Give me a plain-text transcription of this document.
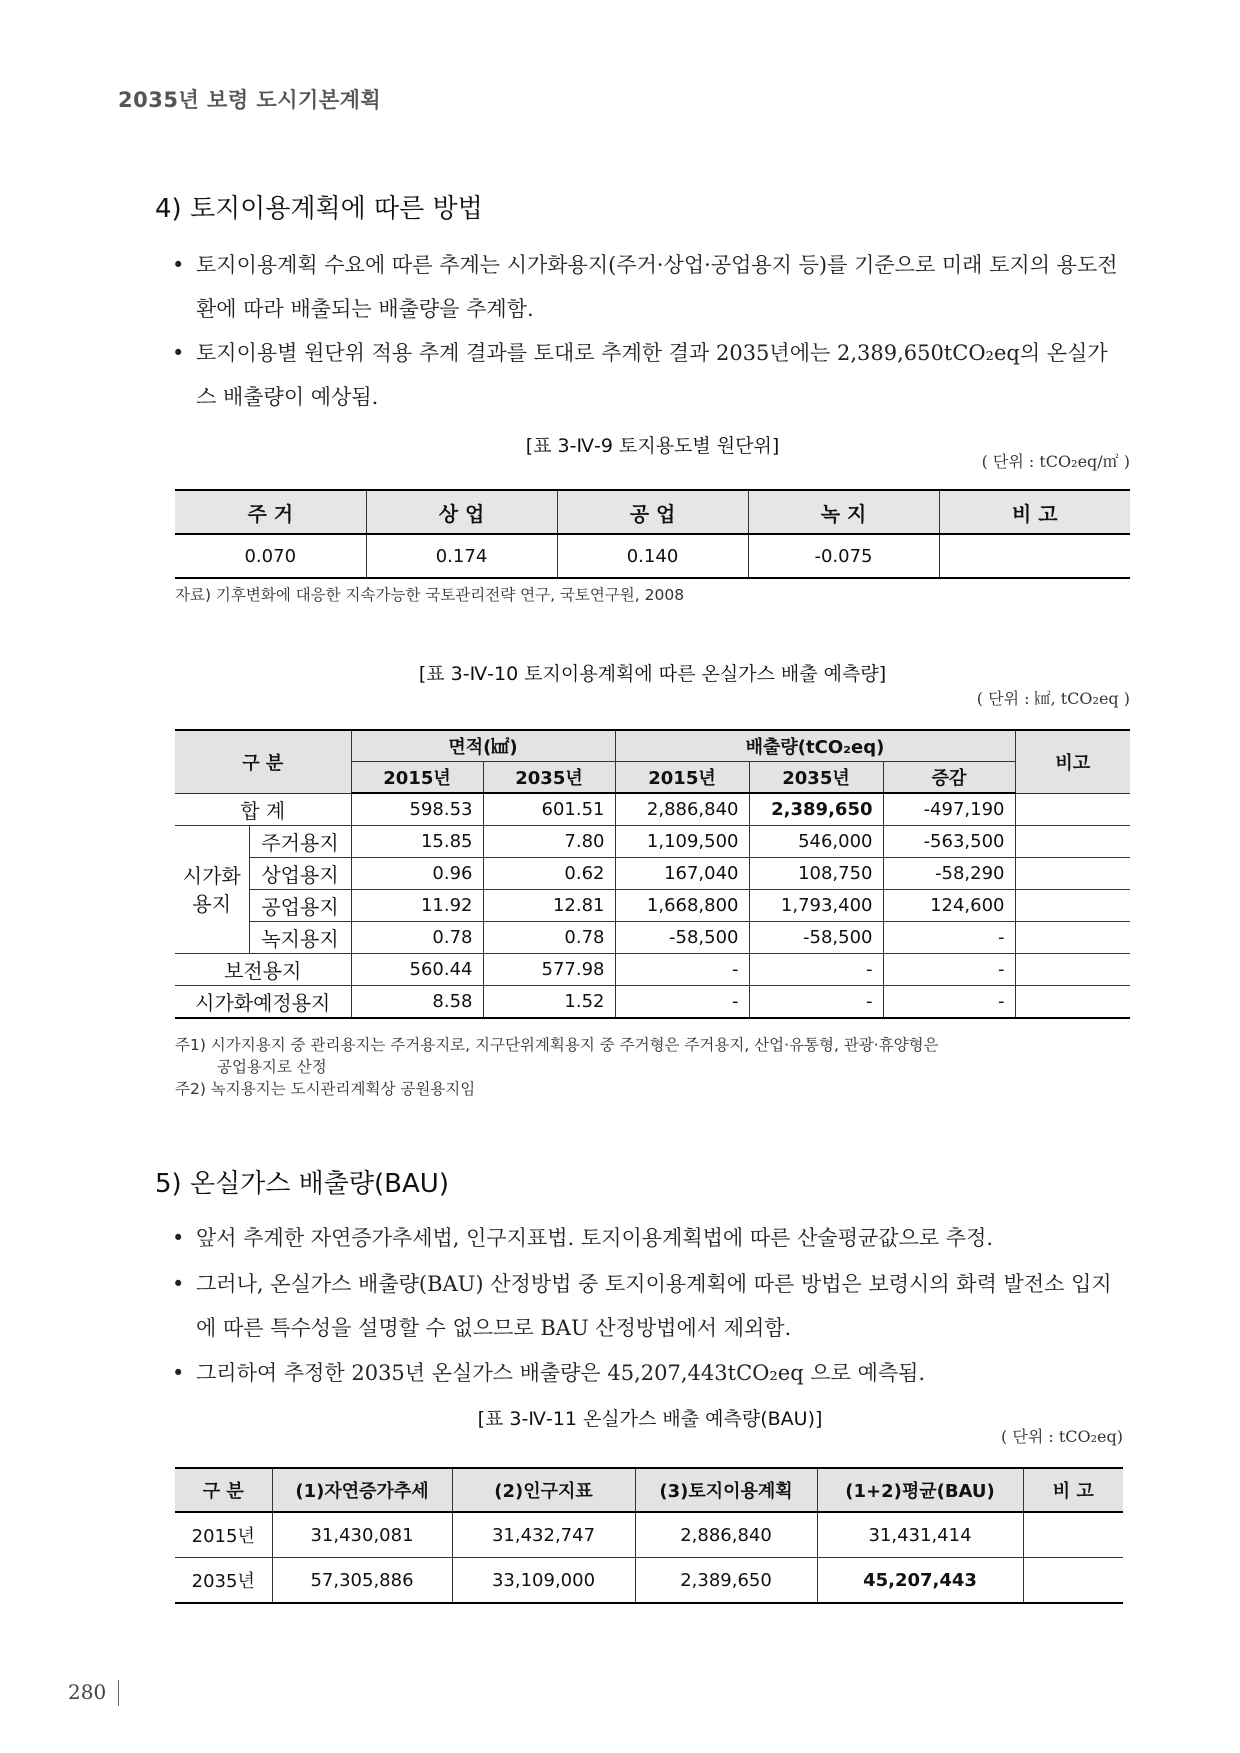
2035년 보령 도시기본계획
4) 토지이용계획에 따른 방법
• 토지이용계획 수요에 따른 추계는 시가화용지(주거·상업·공업용지 등)를 기준으로 미래 토지의 용도전환에 따라 배출되는 배출량을 추계함.
• 토지이용별 원단위 적용 추계 결과를 토대로 추계한 결과 2035년에는 2,389,650tCO₂eq의 온실가스 배출량이 예상됨.
[표 3-Ⅳ-9 토지용도별 원단위]
( 단위 : tCO₂eq/㎡ )
주 거	상 업	공 업	녹 지	비 고
0.070	0.174	0.140	-0.075	
자료) 기후변화에 대응한 지속가능한 국토관리전략 연구, 국토연구원, 2008
[표 3-Ⅳ-10 토지이용계획에 따른 온실가스 배출 예측량]
( 단위 : ㎢, tCO₂eq )
구 분		면적(㎢)		배출량(tCO₂eq)			비고
		2015년	2035년	2015년	2035년	증감	
합 계		598.53	601.51	2,886,840	2,389,650	-497,190	
시가화
용지	주거용지	15.85	7.80	1,109,500	546,000	-563,500	
	상업용지	0.96	0.62	167,040	108,750	-58,290	
	공업용지	11.92	12.81	1,668,800	1,793,400	124,600	
	녹지용지	0.78	0.78	-58,500	-58,500	-	
보전용지		560.44	577.98	-	-	-	
시가화예정용지		8.58	1.52	-	-	-	
주1) 시가지용지 중 관리용지는 주거용지로, 지구단위계획용지 중 주거형은 주거용지, 산업·유통형, 관광·휴양형은
공업용지로 산정
주2) 녹지용지는 도시관리계획상 공원용지임
5) 온실가스 배출량(BAU)
• 앞서 추계한 자연증가추세법, 인구지표법. 토지이용계획법에 따른 산술평균값으로 추정.
• 그러나, 온실가스 배출량(BAU) 산정방법 중 토지이용계획에 따른 방법은 보령시의 화력 발전소 입지에 따른 특수성을 설명할 수 없으므로 BAU 산정방법에서 제외함.
• 그리하여 추정한 2035년 온실가스 배출량은 45,207,443tCO₂eq 으로 예측됨.
[표 3-Ⅳ-11 온실가스 배출 예측량(BAU)]
( 단위 : tCO₂eq)
구 분	(1)자연증가추세	(2)인구지표	(3)토지이용계획	(1+2)평균(BAU)	비 고
2015년	31,430,081	31,432,747	2,886,840	31,431,414	
2035년	57,305,886	33,109,000	2,389,650	45,207,443	
280
